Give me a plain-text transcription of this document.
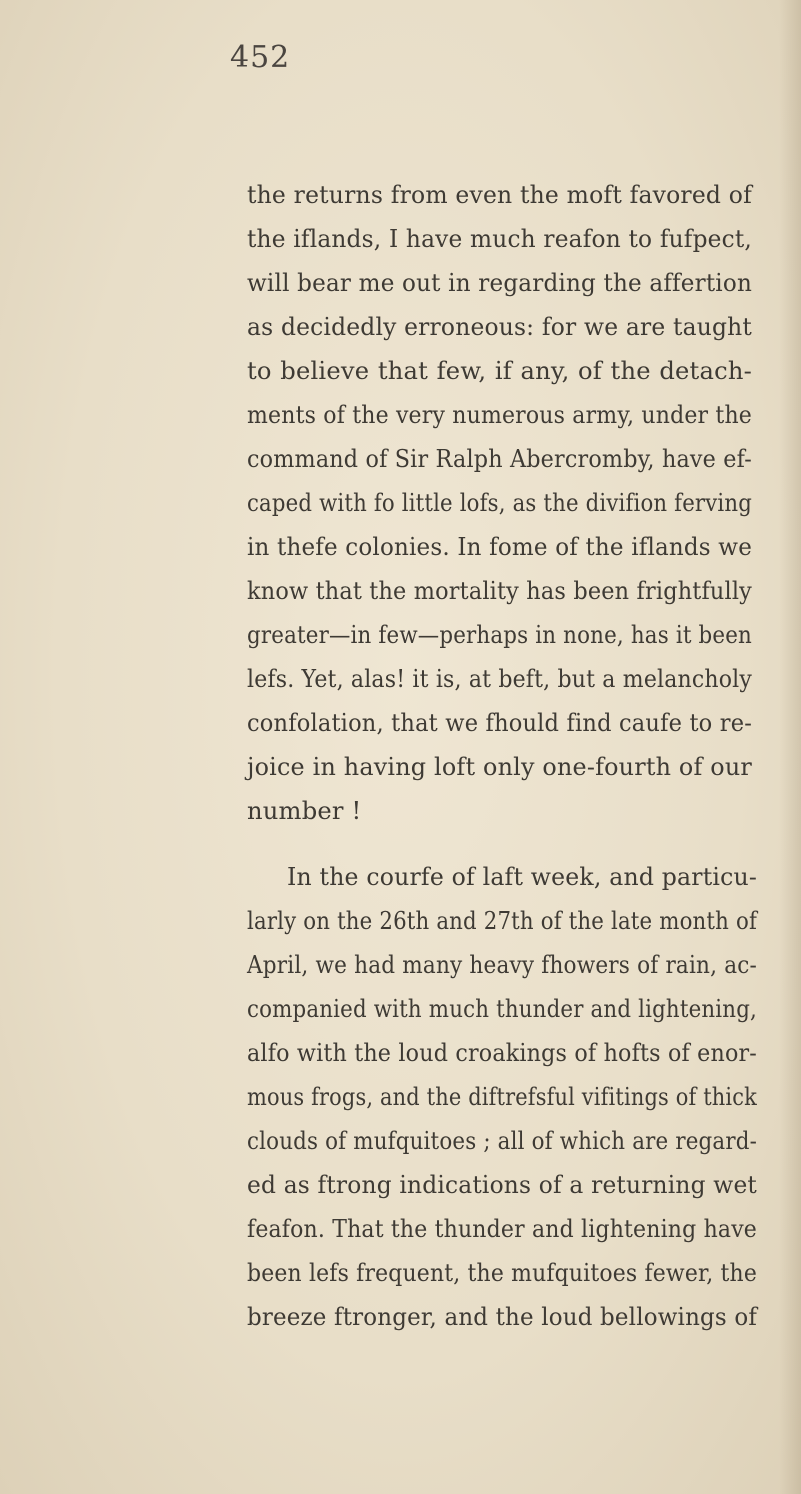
452
the returns from even the moft favored of
the iflands, I have much reafon to fufpect,
will bear me out in regarding the affertion
as decidedly erroneous: for we are taught
to believe that few, if any, of the detach-
ments of the very numerous army, under the
command of Sir Ralph Abercromby, have ef-
caped with fo little lofs, as the divifion ferving
in thefe colonies. In fome of the iflands we
know that the mortality has been frightfully
greater—in few—perhaps in none, has it been
lefs. Yet, alas! it is, at beft, but a melancholy
confolation, that we fhould find caufe to re-
joice in having loft only one-fourth of our
number !
In the courfe of laft week, and particu-
larly on the 26th and 27th of the late month of
April, we had many heavy fhowers of rain, ac-
companied with much thunder and lightening,
alfo with the loud croakings of hofts of enor-
mous frogs, and the diftrefsful vifitings of thick
clouds of mufquitoes ; all of which are regard-
ed as ftrong indications of a returning wet
feafon. That the thunder and lightening have
been lefs frequent, the mufquitoes fewer, the
breeze ftronger, and the loud bellowings of
